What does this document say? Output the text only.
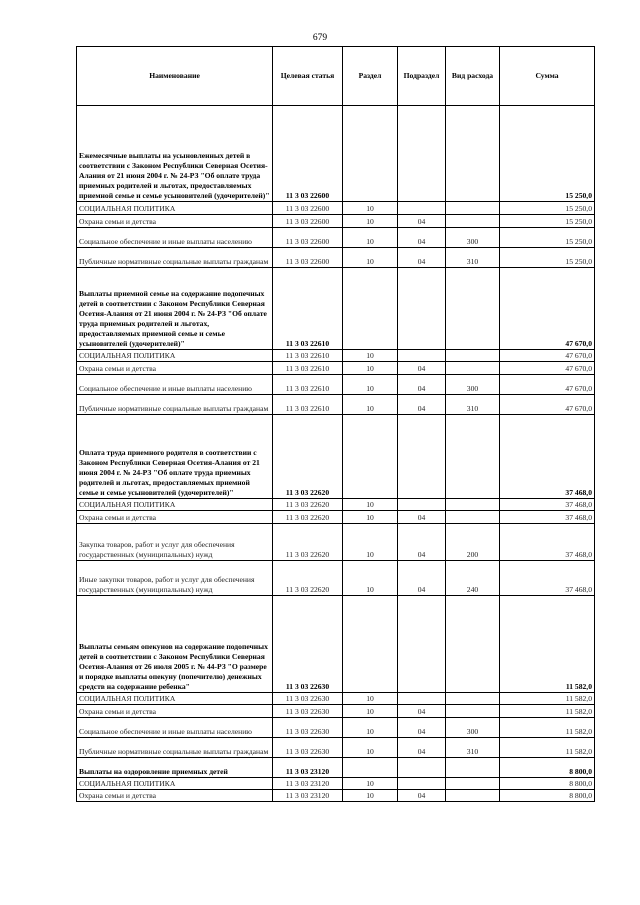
679
Наименование	Целевая статья	Раздел	Подраздел	Вид расхода	Сумма
Ежемесячные выплаты на усыновленных детей в соответствии с Законом Республики Северная Осетия-Алания от 21 июня 2004 г. № 24-РЗ "Об оплате труда приемных родителей и льготах, предоставляемых приемной семье и семье усыновителей (удочерителей)"	11 3 03 22600				15 250,0
СОЦИАЛЬНАЯ ПОЛИТИКА	11 3 03 22600	10			15 250,0
Охрана семьи и детства	11 3 03 22600	10	04		15 250,0
Социальное обеспечение и иные выплаты населению	11 3 03 22600	10	04	300	15 250,0
Публичные нормативные социальные выплаты гражданам	11 3 03 22600	10	04	310	15 250,0
Выплаты приемной семье на содержание подопечных детей в соответствии с Законом Республики Северная Осетия-Алания от 21 июня 2004 г. № 24-РЗ "Об оплате труда приемных родителей и льготах, предоставляемых приемной семье и семье усыновителей (удочерителей)"	11 3 03 22610				47 670,0
СОЦИАЛЬНАЯ ПОЛИТИКА	11 3 03 22610	10			47 670,0
Охрана семьи и детства	11 3 03 22610	10	04		47 670,0
Социальное обеспечение и иные выплаты населению	11 3 03 22610	10	04	300	47 670,0
Публичные нормативные социальные выплаты гражданам	11 3 03 22610	10	04	310	47 670,0
Оплата труда приемного родителя в соответствии с Законом Республики Северная Осетия-Алания от 21 июня 2004 г. № 24-РЗ "Об оплате труда приемных родителей и льготах, предоставляемых приемной семье и семье усыновителей (удочерителей)"	11 3 03 22620				37 468,0
СОЦИАЛЬНАЯ ПОЛИТИКА	11 3 03 22620	10			37 468,0
Охрана семьи и детства	11 3 03 22620	10	04		37 468,0
Закупка товаров, работ и услуг для обеспечения государственных (муниципальных) нужд	11 3 03 22620	10	04	200	37 468,0
Иные закупки товаров, работ и услуг для обеспечения государственных (муниципальных) нужд	11 3 03 22620	10	04	240	37 468,0
Выплаты семьям опекунов на содержание подопечных детей в соответствии с Законом Республики Северная Осетия-Алания от 26 июля 2005 г. № 44-РЗ "О размере и порядке выплаты опекуну (попечителю) денежных средств на содержание ребенка"	11 3 03 22630				11 582,0
СОЦИАЛЬНАЯ ПОЛИТИКА	11 3 03 22630	10			11 582,0
Охрана семьи и детства	11 3 03 22630	10	04		11 582,0
Социальное обеспечение и иные выплаты населению	11 3 03 22630	10	04	300	11 582,0
Публичные нормативные социальные выплаты гражданам	11 3 03 22630	10	04	310	11 582,0
Выплаты на оздоровление приемных детей	11 3 03 23120				8 800,0
СОЦИАЛЬНАЯ ПОЛИТИКА	11 3 03 23120	10			8 800,0
Охрана семьи и детства	11 3 03 23120	10	04		8 800,0
